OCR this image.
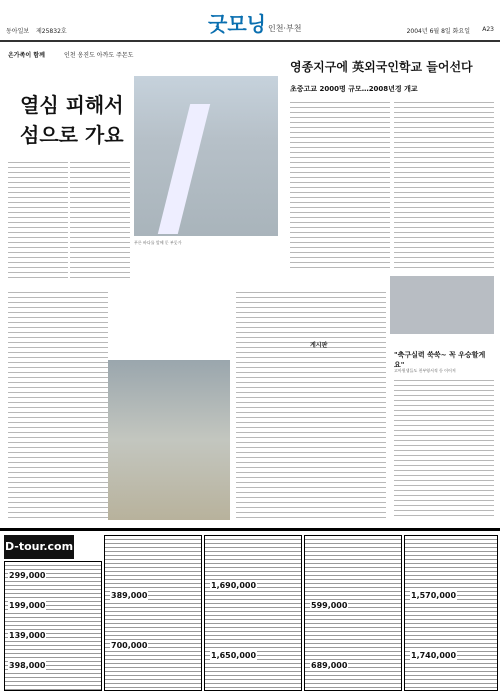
동아일보 제25832호	굿모닝 인천·부천	2004년 6월 8일 화요일 A23
온가족이 함께	인천 옹진도 아까도 주몬도
열심 피해서 섬으로 가요
푸른 바다를 앞에 둔 부둣가
영종지구에 英외국인학교 들어선다
초중고교 2000명 규모…2008년경 개교
"축구실력 쑥쑥~ 꼭 우승할게요"
고아원생들도 천부영서적 등 이어져
게시판
D-tour.com
299,000
199,000
139,000
398,000
389,000
700,000
1,690,000
1,650,000
599,000
689,000
1,570,000
1,740,000
